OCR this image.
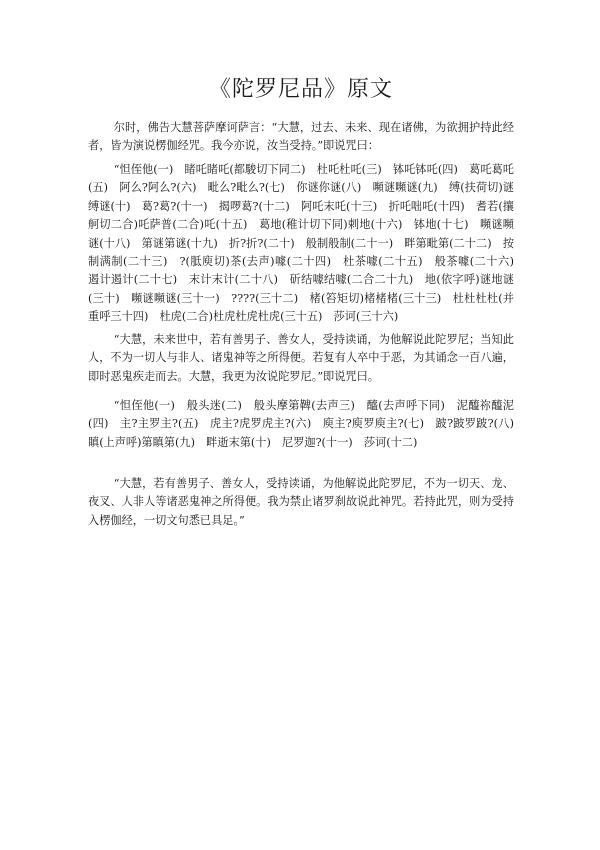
《陀罗尼品》原文

尔时，佛告大慧菩萨摩诃萨言：“大慧，过去、未来、现在诸佛，为欲拥护持此经者，皆为演说楞伽经咒。我今亦说，汝当受持。”即说咒曰：

“怛侄他(一)　睹吒睹吒(都駿切下同二)　杜吒杜吒(三)　钵吒钵吒(四)　葛吒葛吒(五)　阿么?阿么?(六)　毗么?毗么?(七)　你谜你谜(八)　嚬谜嚬谜(九)　缚(扶荷切)谜缚谜(十)　葛?葛?(十一)　揭啰葛?(十二)　阿吒末吒(十三)　折吒咄吒(十四)　耆若(攘舸切二合)吒萨普(二合)吒(十五)　葛地(稚计切下同)剌地(十六)　钵地(十七)　嚬谜嚬谜(十八)　第谜第谜(十九)　折?折?(二十)　般制般制(二十一)　畔第毗第(二十二)　按制满制(二十三)　?(胝庾切)茶(去声)噱(二十四)　杜茶噱(二十五)　般茶噱(二十六)　遏计遏计(二十七)　末计末计(二十八)　斫结噱结噱(二合二十九)　地(依字呼)谜地谜(三十)　嚬谜嚬谜(三十一)　????(三十二)　楮(笞矩切)楮楮楮(三十三)　杜杜杜杜(并重呼三十四)　杜虎(二合)杜虎杜虎杜虎(三十五)　莎诃(三十六)

“大慧，未来世中，若有善男子、善女人，受持读诵，为他解说此陀罗尼；当知此人，不为一切人与非人、诸鬼神等之所得便。若复有人卒中于恶，为其诵念一百八遍，即时恶鬼疾走而去。大慧，我更为汝说陀罗尼。”即说咒曰。

“怛侄他(一)　般头迷(二)　般头摩第鞞(去声三)　醯(去声呼下同)　泥醯祢醯泥(四)　主?主罗主?(五)　虎主?虎罗虎主?(六)　庾主?庾罗庾主?(七)　跛?跛罗跛?(八)　瞋(上声呼)第瞋第(九)　畔逝末第(十)　尼罗迦?(十一)　莎诃(十二)

“大慧，若有善男子、善女人，受持读诵，为他解说此陀罗尼，不为一切天、龙、夜叉、人非人等诸恶鬼神之所得便。我为禁止诸罗刹故说此神咒。若持此咒，则为受持入楞伽经，一切文句悉已具足。”
